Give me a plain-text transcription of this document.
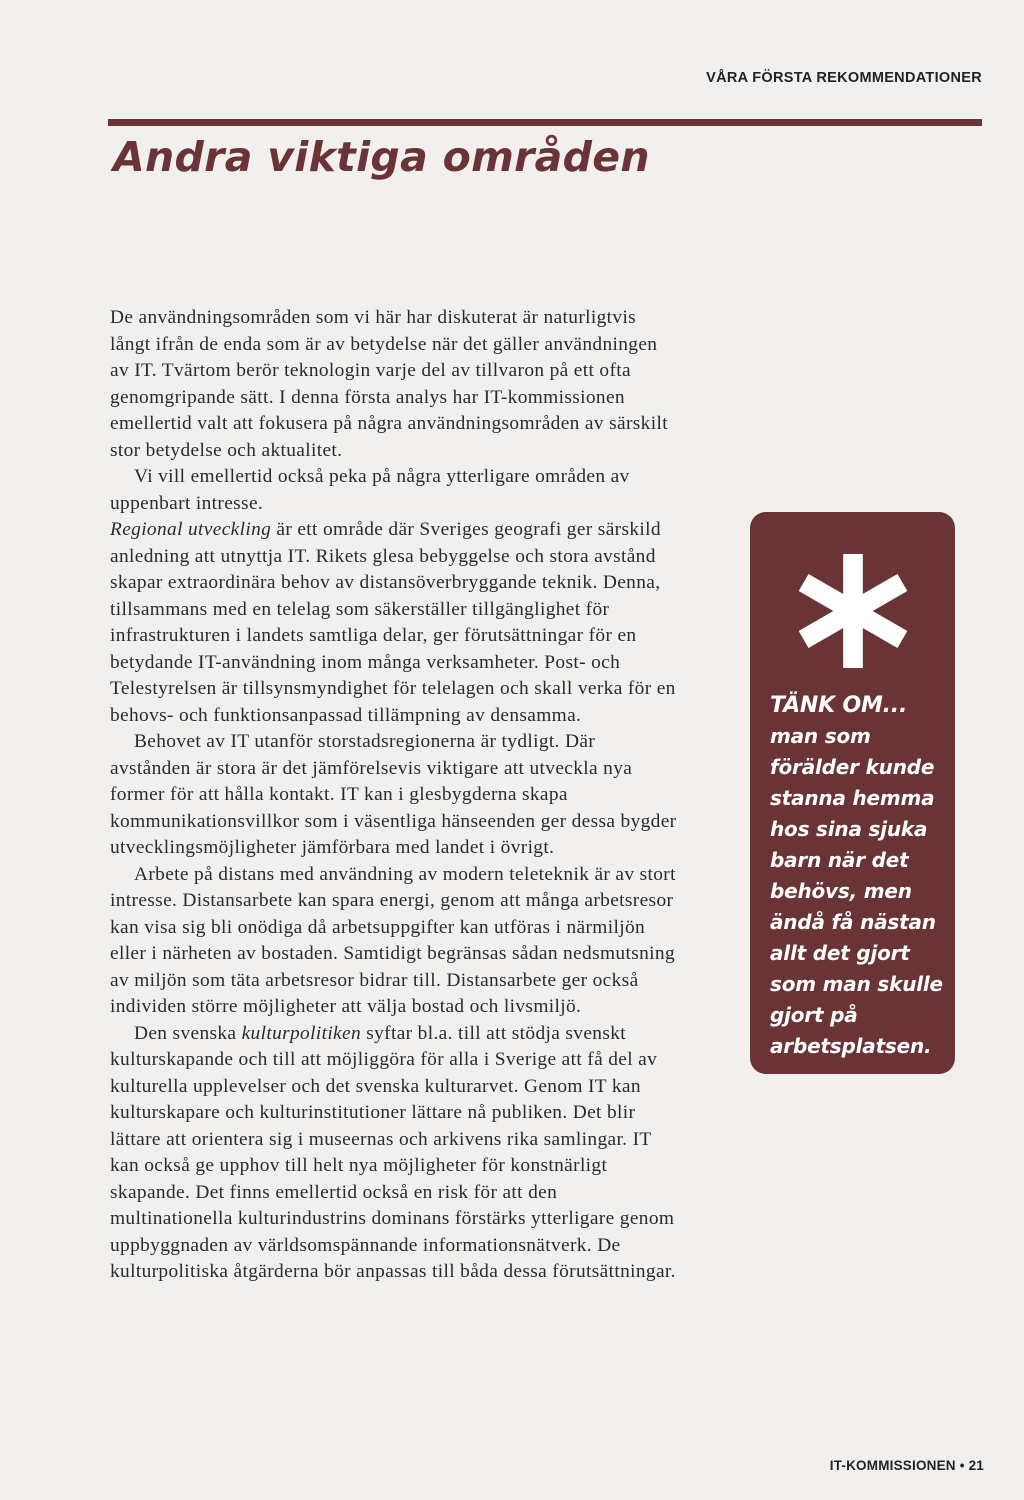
VÅRA FÖRSTA REKOMMENDATIONER
Andra viktiga områden

De användningsområden som vi här har diskuterat är naturligtvis långt ifrån de enda som är av betydelse när det gäller användningen av IT. Tvärtom berör teknologin varje del av tillvaron på ett ofta genomgripande sätt. I denna första analys har IT-kommissionen emellertid valt att fokusera på några användningsområden av särskilt stor betydelse och aktualitet.

Vi vill emellertid också peka på några ytterligare områden av uppenbart intresse.

Regional utveckling är ett område där Sveriges geografi ger särskild anledning att utnyttja IT. Rikets glesa bebyggelse och stora avstånd skapar extraordinära behov av distansöverbryggande teknik. Denna, tillsammans med en telelag som säkerställer tillgänglighet för infrastrukturen i landets samtliga delar, ger förutsättningar för en betydande IT-användning inom många verksamheter. Post- och Telestyrelsen är tillsynsmyndighet för telelagen och skall verka för en behovs- och funktionsanpassad tillämpning av densamma.

Behovet av IT utanför storstadsregionerna är tydligt. Där avstånden är stora är det jämförelsevis viktigare att utveckla nya former för att hålla kontakt. IT kan i glesbygderna skapa kommunikationsvillkor som i väsentliga hänseenden ger dessa bygder utvecklingsmöjligheter jämförbara med landet i övrigt.

Arbete på distans med användning av modern teleteknik är av stort intresse. Distansarbete kan spara energi, genom att många arbetsresor kan visa sig bli onödiga då arbetsuppgifter kan utföras i närmiljön eller i närheten av bostaden. Samtidigt begränsas sådan nedsmutsning av miljön som täta arbetsresor bidrar till. Distansarbete ger också individen större möjligheter att välja bostad och livsmiljö.

Den svenska kulturpolitiken syftar bl.a. till att stödja svenskt kulturskapande och till att möjliggöra för alla i Sverige att få del av kulturella upplevelser och det svenska kulturarvet. Genom IT kan kulturskapare och kulturinstitutioner lättare nå publiken. Det blir lättare att orientera sig i museernas och arkivens rika samlingar. IT kan också ge upphov till helt nya möjligheter för konstnärligt skapande. Det finns emellertid också en risk för att den multinationella kulturindustrins dominans förstärks ytterligare genom uppbyggnaden av världsomspännande informationsnätverk. De kulturpolitiska åtgärderna bör anpassas till båda dessa förutsättningar.

TÄNK OM...
man som förälder kunde stanna hemma hos sina sjuka barn när det behövs, men ändå få nästan allt det gjort som man skulle gjort på arbetsplatsen.
IT-KOMMISSIONEN • 21
